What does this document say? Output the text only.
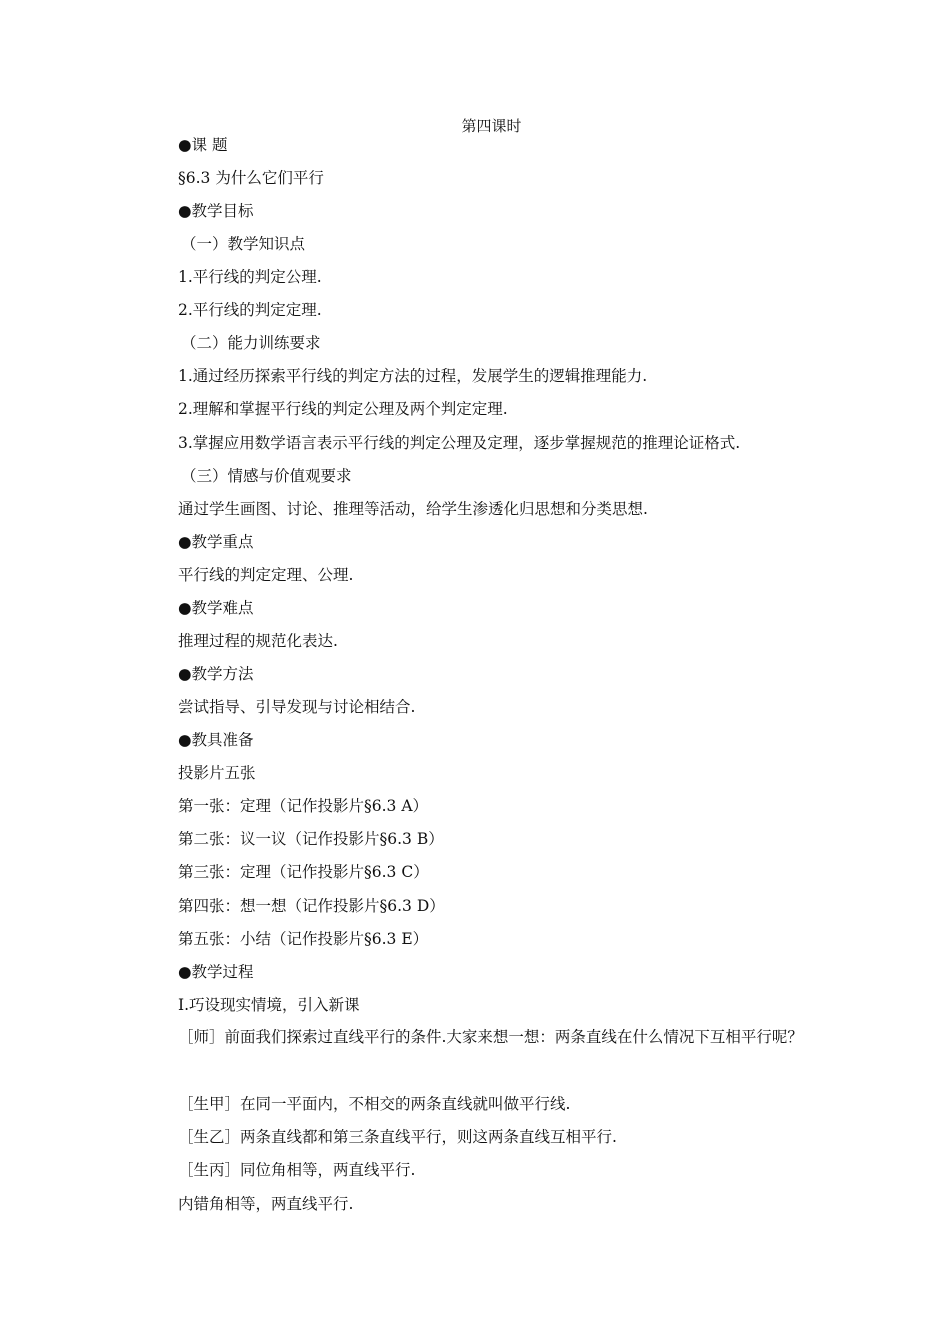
第四课时
●课 题
§6.3 为什么它们平行
●教学目标
（一）教学知识点
1.平行线的判定公理.
2.平行线的判定定理.
（二）能力训练要求
1.通过经历探索平行线的判定方法的过程，发展学生的逻辑推理能力.
2.理解和掌握平行线的判定公理及两个判定定理.
3.掌握应用数学语言表示平行线的判定公理及定理，逐步掌握规范的推理论证格式.
（三）情感与价值观要求
通过学生画图、讨论、推理等活动，给学生渗透化归思想和分类思想.
●教学重点
平行线的判定定理、公理.
●教学难点
推理过程的规范化表达.
●教学方法
尝试指导、引导发现与讨论相结合.
●教具准备
投影片五张
第一张：定理（记作投影片§6.3 A）
第二张：议一议（记作投影片§6.3 B）
第三张：定理（记作投影片§6.3 C）
第四张：想一想（记作投影片§6.3 D）
第五张：小结（记作投影片§6.3 E）
●教学过程
Ⅰ.巧设现实情境，引入新课
［师］前面我们探索过直线平行的条件.大家来想一想：两条直线在什么情况下互相平行呢？
［生甲］在同一平面内，不相交的两条直线就叫做平行线.
［生乙］两条直线都和第三条直线平行，则这两条直线互相平行.
［生丙］同位角相等，两直线平行.
内错角相等，两直线平行.
